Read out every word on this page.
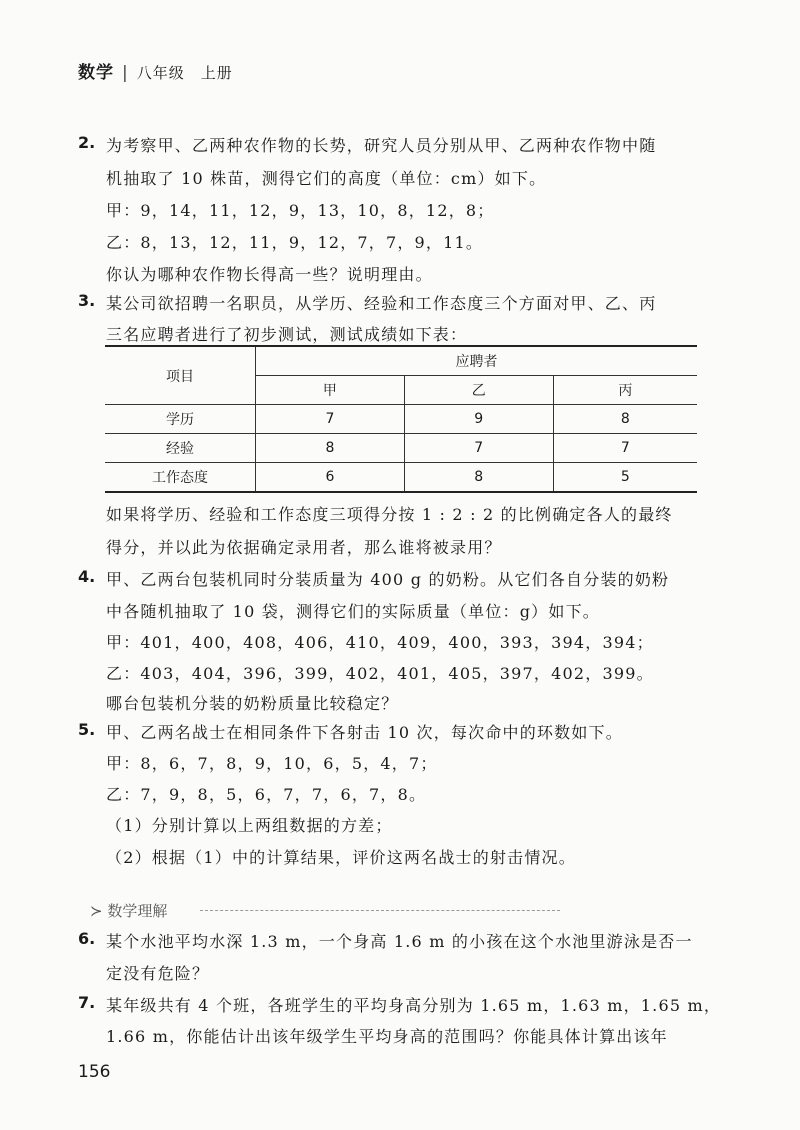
数学 | 八年级　上册
2. 为考察甲、乙两种农作物的长势，研究人员分别从甲、乙两种农作物中随
机抽取了 10 株苗，测得它们的高度（单位：cm）如下。
甲：9，14，11，12，9，13，10，8，12，8；
乙：8，13，12，11，9，12，7，7，9，11。
你认为哪种农作物长得高一些？说明理由。
3. 某公司欲招聘一名职员，从学历、经验和工作态度三个方面对甲、乙、丙
三名应聘者进行了初步测试，测试成绩如下表：
项目	应聘者		
	甲	乙	丙
学历	7	9	8
经验	8	7	7
工作态度	6	8	5
如果将学历、经验和工作态度三项得分按 1 : 2 : 2 的比例确定各人的最终
得分，并以此为依据确定录用者，那么谁将被录用？
4. 甲、乙两台包装机同时分装质量为 400 g 的奶粉。从它们各自分装的奶粉
中各随机抽取了 10 袋，测得它们的实际质量（单位：g）如下。
甲：401，400，408，406，410，409，400，393，394，394；
乙：403，404，396，399，402，401，405，397，402，399。
哪台包装机分装的奶粉质量比较稳定？
5. 甲、乙两名战士在相同条件下各射击 10 次，每次命中的环数如下。
甲：8，6，7，8，9，10，6，5，4，7；
乙：7，9，8，5，6，7，7，6，7，8。
（1）分别计算以上两组数据的方差；
（2）根据（1）中的计算结果，评价这两名战士的射击情况。
≻ 数学理解
6. 某个水池平均水深 1.3 m，一个身高 1.6 m 的小孩在这个水池里游泳是否一
定没有危险？
7. 某年级共有 4 个班，各班学生的平均身高分别为 1.65 m，1.63 m，1.65 m，
1.66 m，你能估计出该年级学生平均身高的范围吗？你能具体计算出该年
156
